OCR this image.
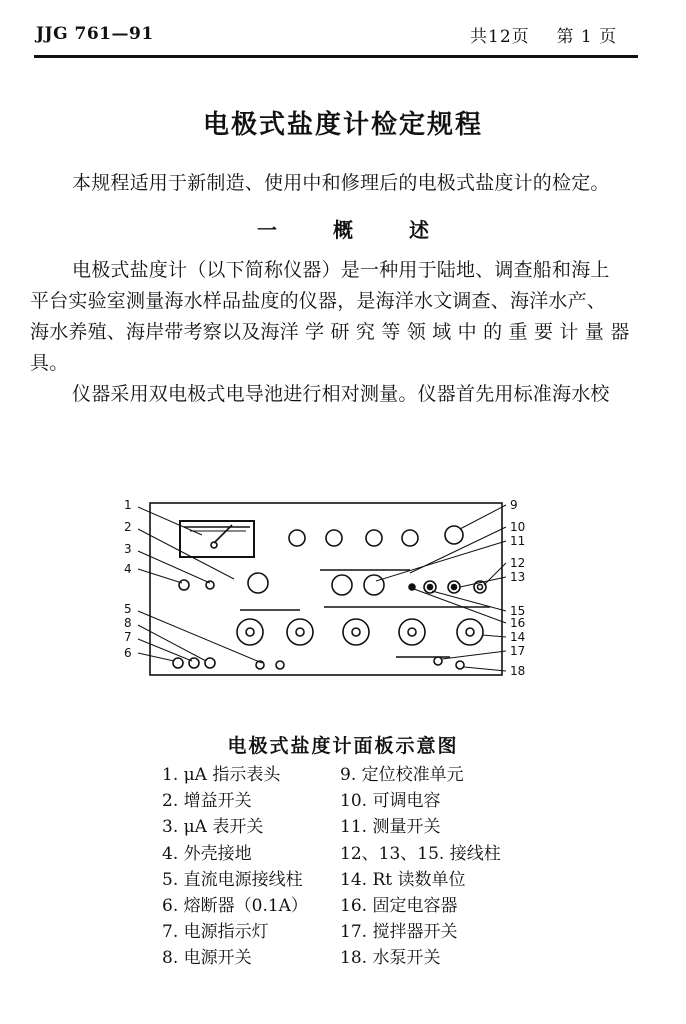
JJG 761—91	共12页 第 1 页
电极式盐度计检定规程
本规程适用于新制造、使用中和修理后的电极式盐度计的检定。
一	概	述
电极式盐度计（以下简称仪器）是一种用于陆地、调查船和海上
平台实验室测量海水样品盐度的仪器，是海洋水文调查、海洋水产、
海水养殖、海岸带考察以及海洋 学 研 究 等 领 域 中 的 重 要 计 量 器
具。
仪器采用双电极式电导池进行相对测量。仪器首先用标准海水校
1
2
3
4
5
8
7
6
9
10
11
12
13
15
16
14
17
18
电极式盐度计面板示意图
1. μA 指示表头
2. 增益开关
3. μA 表开关
4. 外壳接地
5. 直流电源接线柱
6. 熔断器（0.1A）
7. 电源指示灯
8. 电源开关
9. 定位校准单元
10. 可调电容
11. 测量开关
12、13、15. 接线柱
14. Rt 读数单位
16. 固定电容器
17. 搅拌器开关
18. 水泵开关
